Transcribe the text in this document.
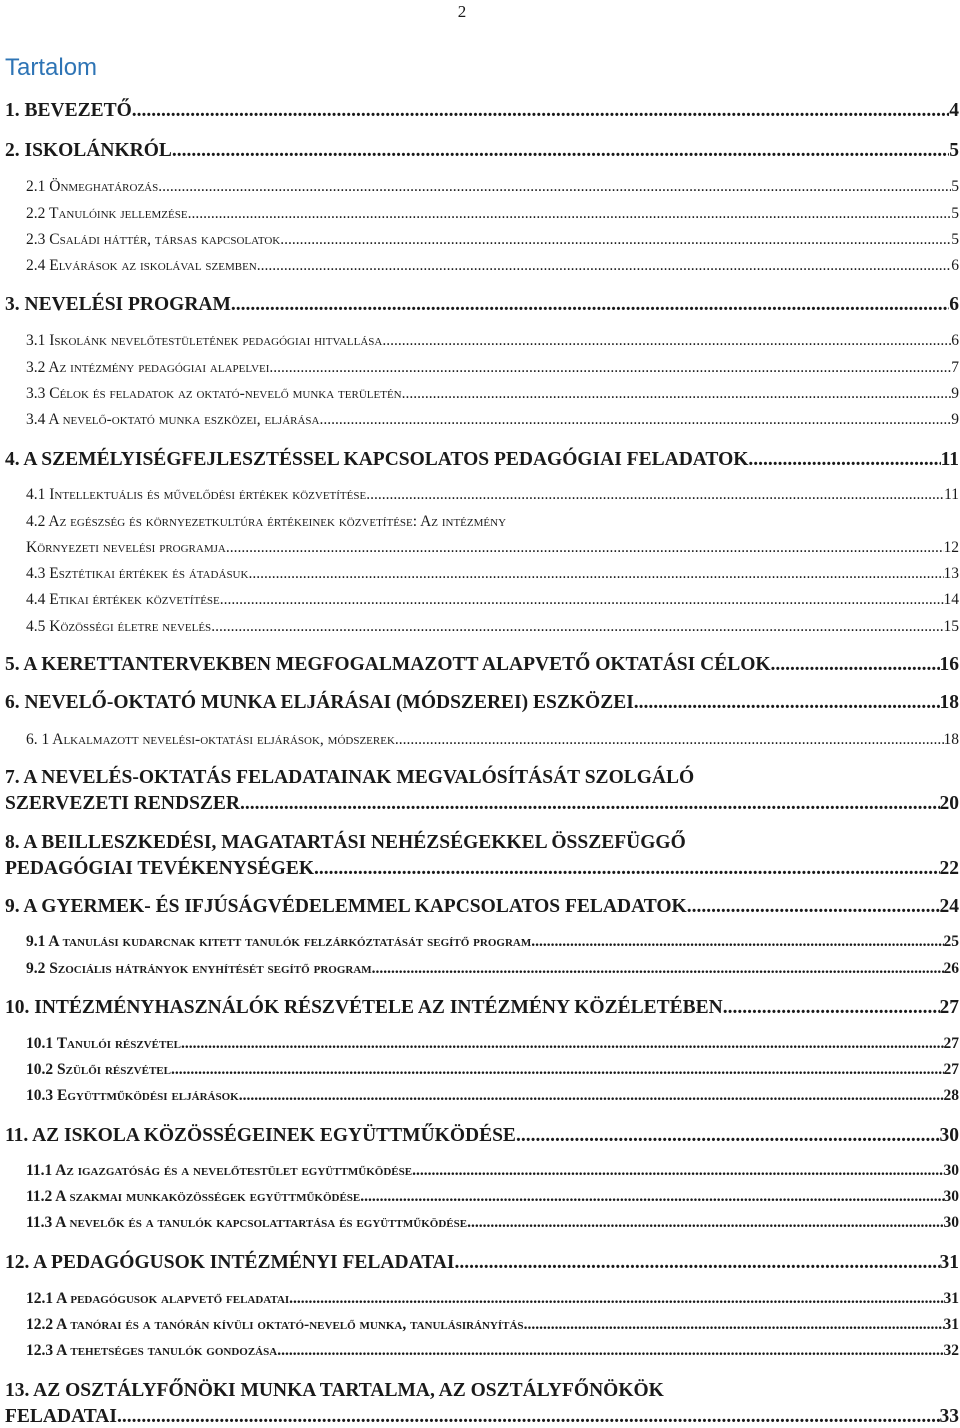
2
Tartalom
1. BEVEZETŐ .....	4
2. ISKOLÁNKRÓL .....	5
2.1 Önmeghatározás .....	5
2.2 Tanulóink jellemzése .....	5
2.3 Családi háttér, társas kapcsolatok .....	5
2.4 Elvárások az iskolával szemben .....	6
3. NEVELÉSI PROGRAM .....	6
3.1 Iskolánk nevelőtestületének pedagógiai hitvallása .....	6
3.2 Az intézmény pedagógiai alapelvei .....	7
3.3 Célok és feladatok az oktató-nevelő munka területén .....	9
3.4 A nevelő-oktató munka eszközei, eljárása .....	9
4. A SZEMÉLYISÉGFEJLESZTÉSSEL KAPCSOLATOS PEDAGÓGIAI FELADATOK .....	11
4.1 Intellektuális és művelődési értékek közvetítése .....	11
4.2 Az egészség és környezetkultúra értékeinek közvetítése: Az intézmény
Környezeti nevelési programja .....	12
4.3 Esztétikai értékek és átadásuk .....	13
4.4 Etikai értékek közvetítése .....	14
4.5 Közösségi életre nevelés .....	15
5. A KERETTANTERVEKBEN MEGFOGALMAZOTT ALAPVETŐ OKTATÁSI CÉLOK .....	16
6. NEVELŐ-OKTATÓ MUNKA ELJÁRÁSAI (MÓDSZEREI) ESZKÖZEI .....	18
6. 1 Alkalmazott nevelési-oktatási eljárások, módszerek .....	18
7. A NEVELÉS-OKTATÁS FELADATAINAK MEGVALÓSÍTÁSÁT SZOLGÁLÓ
SZERVEZETI RENDSZER .....	20
8. A BEILLESZKEDÉSI, MAGATARTÁSI NEHÉZSÉGEKKEL ÖSSZEFÜGGŐ
PEDAGÓGIAI TEVÉKENYSÉGEK .....	22
9. A GYERMEK- ÉS IFJÚSÁGVÉDELEMMEL KAPCSOLATOS FELADATOK .....	24
9.1 A tanulási kudarcnak kitett tanulók felzárkóztatását segítő program .....	25
9.2 Szociális hátrányok enyhítését segítő program .....	26
10. INTÉZMÉNYHASZNÁLÓK RÉSZVÉTELE AZ INTÉZMÉNY KÖZÉLETÉBEN .....	27
10.1 Tanulói részvétel .....	27
10.2 Szülői részvétel .....	27
10.3 Együttműködési eljárások .....	28
11. AZ ISKOLA KÖZÖSSÉGEINEK EGYÜTTMŰKÖDÉSE .....	30
11.1 Az igazgatóság és a nevelőtestület együttműködése .....	30
11.2 A szakmai munkaközösségek együttműködése .....	30
11.3 A nevelők és a tanulók kapcsolattartása és együttműködése .....	30
12. A PEDAGÓGUSOK INTÉZMÉNYI FELADATAI .....	31
12.1 A pedagógusok alapvető feladatai .....	31
12.2 A tanórai és a tanórán kívüli oktató-nevelő munka, tanulásirányítás .....	31
12.3 A tehetséges tanulók gondozása .....	32
13. AZ OSZTÁLYFŐNÖKI MUNKA TARTALMA, AZ OSZTÁLYFŐNÖKÖK
FELADATAI .....	33
